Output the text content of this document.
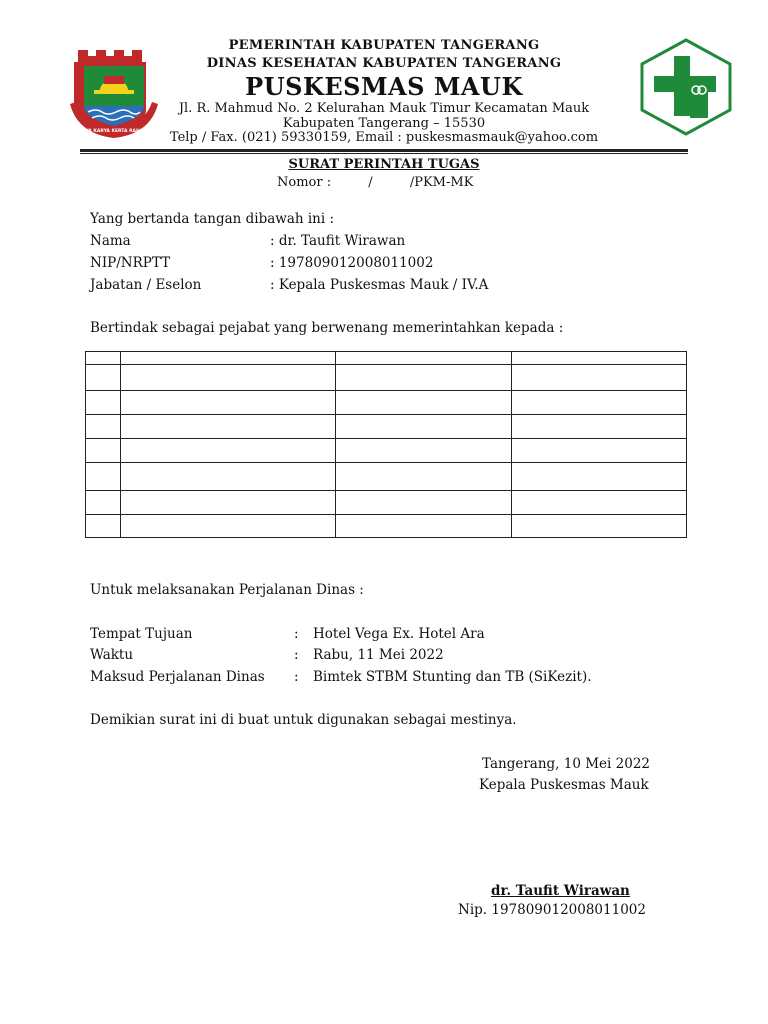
SATYA KARYA KERTA RAHARJA
PEMERINTAH KABUPATEN TANGERANG
DINAS KESEHATAN KABUPATEN TANGERANG
PUSKESMAS MAUK
Jl. R. Mahmud No. 2 Kelurahan Mauk Timur Kecamatan Mauk
Kabupaten Tangerang – 15530
Telp / Fax. (021) 59330159, Email : puskesmasmauk@yahoo.com
SURAT PERINTAH TUGAS
Nomor :         /         /PKM-MK
Yang bertanda tangan dibawah ini :
Nama	: dr. Taufit Wirawan
NIP/NRPTT	: 197809012008011002
Jabatan / Eselon	: Kepala Puskesmas Mauk / IV.A
Bertindak sebagai pejabat yang berwenang memerintahkan kepada :

Untuk melaksanakan Perjalanan Dinas :
Tempat Tujuan	: Hotel Vega Ex. Hotel Ara
Waktu	: Rabu, 11 Mei 2022
Maksud Perjalanan Dinas : Bimtek STBM Stunting dan TB (SiKezit).
Demikian surat ini di buat untuk digunakan sebagai mestinya.
Tangerang, 10 Mei 2022
Kepala Puskesmas Mauk
dr. Taufit Wirawan
Nip. 197809012008011002
